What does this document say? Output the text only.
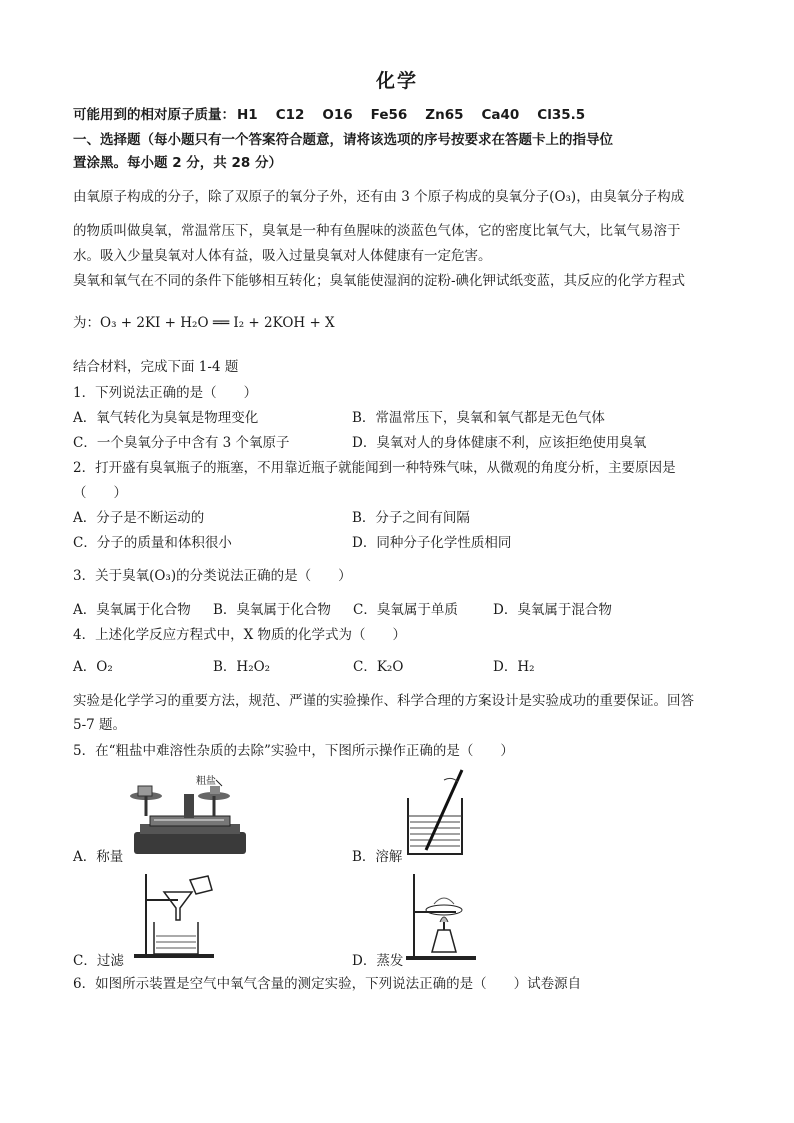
化学
可能用到的相对原子质量： H1 C12 O16 Fe56 Zn65 Ca40 Cl35.5
一、选择题（每小题只有一个答案符合题意，请将该选项的序号按要求在答题卡上的指导位
置涂黑。每小题 2 分，共 28 分）
由氧原子构成的分子，除了双原子的氧分子外，还有由 3 个原子构成的臭氧分子(O₃)，由臭氧分子构成
的物质叫做臭氧，常温常压下，臭氧是一种有鱼腥味的淡蓝色气体，它的密度比氧气大，比氧气易溶于
水。吸入少量臭氧对人体有益，吸入过量臭氧对人体健康有一定危害。
臭氧和氧气在不同的条件下能够相互转化；臭氧能使湿润的淀粉-碘化钾试纸变蓝，其反应的化学方程式
为：O₃ + 2KI + H₂O ══ I₂ + 2KOH + X
结合材料，完成下面 1-4 题
1．下列说法正确的是（　　）
A．氧气转化为臭氧是物理变化	B．常温常压下，臭氧和氧气都是无色气体
C．一个臭氧分子中含有 3 个氧原子	D．臭氧对人的身体健康不利，应该拒绝使用臭氧
2．打开盛有臭氧瓶子的瓶塞，不用靠近瓶子就能闻到一种特殊气味，从微观的角度分析，主要原因是
（　　）
A．分子是不断运动的	B．分子之间有间隔
C．分子的质量和体积很小	D．同种分子化学性质相同
3．关于臭氧(O₃)的分类说法正确的是（　　）
A．臭氧属于化合物 B．臭氧属于化合物 C．臭氧属于单质	D．臭氧属于混合物
4．上述化学反应方程式中，X 物质的化学式为（　　）
A．O₂	B．H₂O₂	C．K₂O	D．H₂
实验是化学学习的重要方法，规范、严谨的实验操作、科学合理的方案设计是实验成功的重要保证。回答
5-7 题。
5．在“粗盐中难溶性杂质的去除”实验中，下图所示操作正确的是（　　）
粗盐
A．称量	B．溶解
C．过滤	D．蒸发
6．如图所示装置是空气中氧气含量的测定实验，下列说法正确的是（　　）试卷源自
